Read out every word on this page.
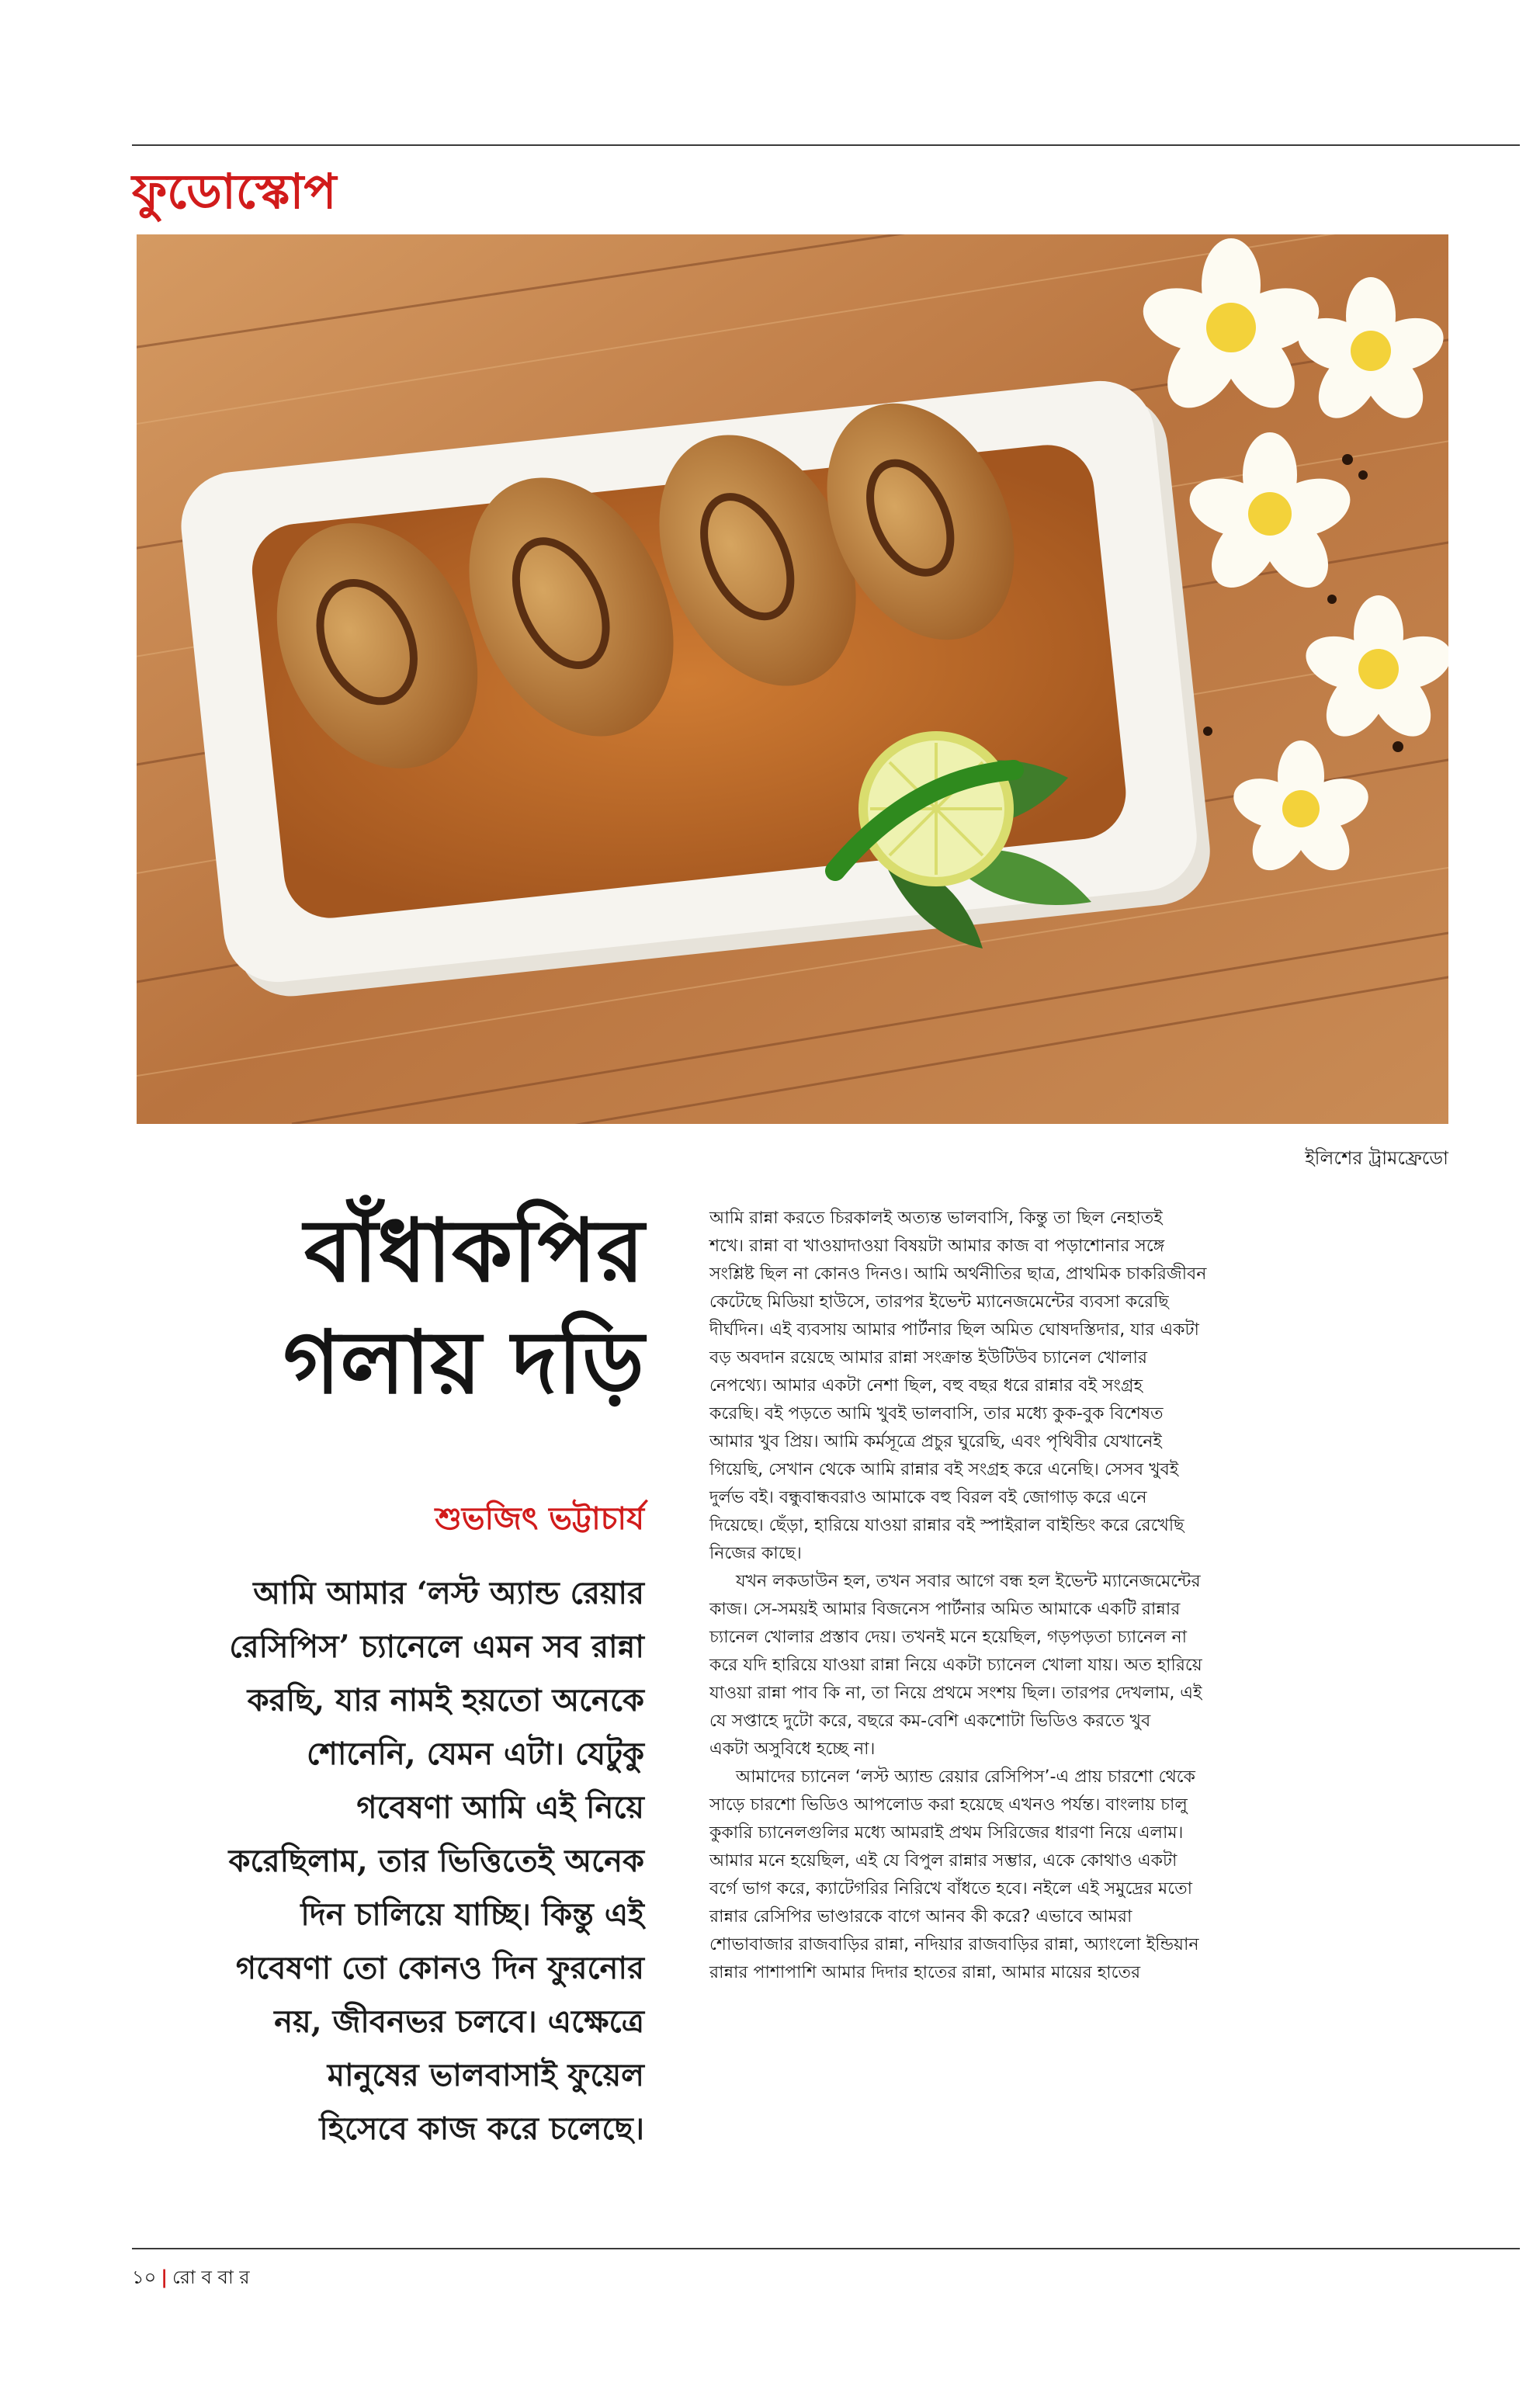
ফুডোস্কোপ
ইলিশের ট্রামফ্রেডো
বাঁধাকপির
গলায় দড়ি
শুভজিৎ ভট্টাচার্য
আমি আমার ‘লস্ট অ্যান্ড রেয়ার
রেসিপিস’ চ্যানেলে এমন সব রান্না
করছি, যার নামই হয়তো অনেকে
শোনেনি, যেমন এটা। যেটুকু
গবেষণা আমি এই নিয়ে
করেছিলাম, তার ভিত্তিতেই অনেক
দিন চালিয়ে যাচ্ছি। কিন্তু এই
গবেষণা তো কোনও দিন ফুরনোর
নয়, জীবনভর চলবে। এক্ষেত্রে
মানুষের ভালবাসাই ফুয়েল
হিসেবে কাজ করে চলেছে।
আমি রান্না করতে চিরকালই অত্যন্ত ভালবাসি, কিন্তু তা ছিল নেহাতই
শখে। রান্না বা খাওয়াদাওয়া বিষয়টা আমার কাজ বা পড়াশোনার সঙ্গে
সংশ্লিষ্ট ছিল না কোনও দিনও। আমি অর্থনীতির ছাত্র, প্রাথমিক চাকরিজীবন
কেটেছে মিডিয়া হাউসে, তারপর ইভেন্ট ম্যানেজমেন্টের ব্যবসা করেছি
দীর্ঘদিন। এই ব্যবসায় আমার পার্টনার ছিল অমিত ঘোষদস্তিদার, যার একটা
বড় অবদান রয়েছে আমার রান্না সংক্রান্ত ইউটিউব চ্যানেল খোলার
নেপথ্যে। আমার একটা নেশা ছিল, বহু বছর ধরে রান্নার বই সংগ্রহ
করেছি। বই পড়তে আমি খুবই ভালবাসি, তার মধ্যে কুক-বুক বিশেষত
আমার খুব প্রিয়। আমি কর্মসূত্রে প্রচুর ঘুরেছি, এবং পৃথিবীর যেখানেই
গিয়েছি, সেখান থেকে আমি রান্নার বই সংগ্রহ করে এনেছি। সেসব খুবই
দুর্লভ বই। বন্ধুবান্ধবরাও আমাকে বহু বিরল বই জোগাড় করে এনে
দিয়েছে। ছেঁড়া, হারিয়ে যাওয়া রান্নার বই স্পাইরাল বাইন্ডিং করে রেখেছি
নিজের কাছে।
যখন লকডাউন হল, তখন সবার আগে বন্ধ হল ইভেন্ট ম্যানেজমেন্টের
কাজ। সে-সময়ই আমার বিজনেস পার্টনার অমিত আমাকে একটি রান্নার
চ্যানেল খোলার প্রস্তাব দেয়। তখনই মনে হয়েছিল, গড়পড়তা চ্যানেল না
করে যদি হারিয়ে যাওয়া রান্না নিয়ে একটা চ্যানেল খোলা যায়। অত হারিয়ে
যাওয়া রান্না পাব কি না, তা নিয়ে প্রথমে সংশয় ছিল। তারপর দেখলাম, এই
যে সপ্তাহে দুটো করে, বছরে কম-বেশি একশোটা ভিডিও করতে খুব
একটা অসুবিধে হচ্ছে না।
আমাদের চ্যানেল ‘লস্ট অ্যান্ড রেয়ার রেসিপিস’-এ প্রায় চারশো থেকে
সাড়ে চারশো ভিডিও আপলোড করা হয়েছে এখনও পর্যন্ত। বাংলায় চালু
কুকারি চ্যানেলগুলির মধ্যে আমরাই প্রথম সিরিজের ধারণা নিয়ে এলাম।
আমার মনে হয়েছিল, এই যে বিপুল রান্নার সম্ভার, একে কোথাও একটা
বর্গে ভাগ করে, ক্যাটেগরির নিরিখে বাঁধতে হবে। নইলে এই সমুদ্রের মতো
রান্নার রেসিপির ভাণ্ডারকে বাগে আনব কী করে? এভাবে আমরা
শোভাবাজার রাজবাড়ির রান্না, নদিয়ার রাজবাড়ির রান্না, অ্যাংলো ইন্ডিয়ান
রান্নার পাশাপাশি আমার দিদার হাতের রান্না, আমার মায়ের হাতের
১০ | রো ব বা র
